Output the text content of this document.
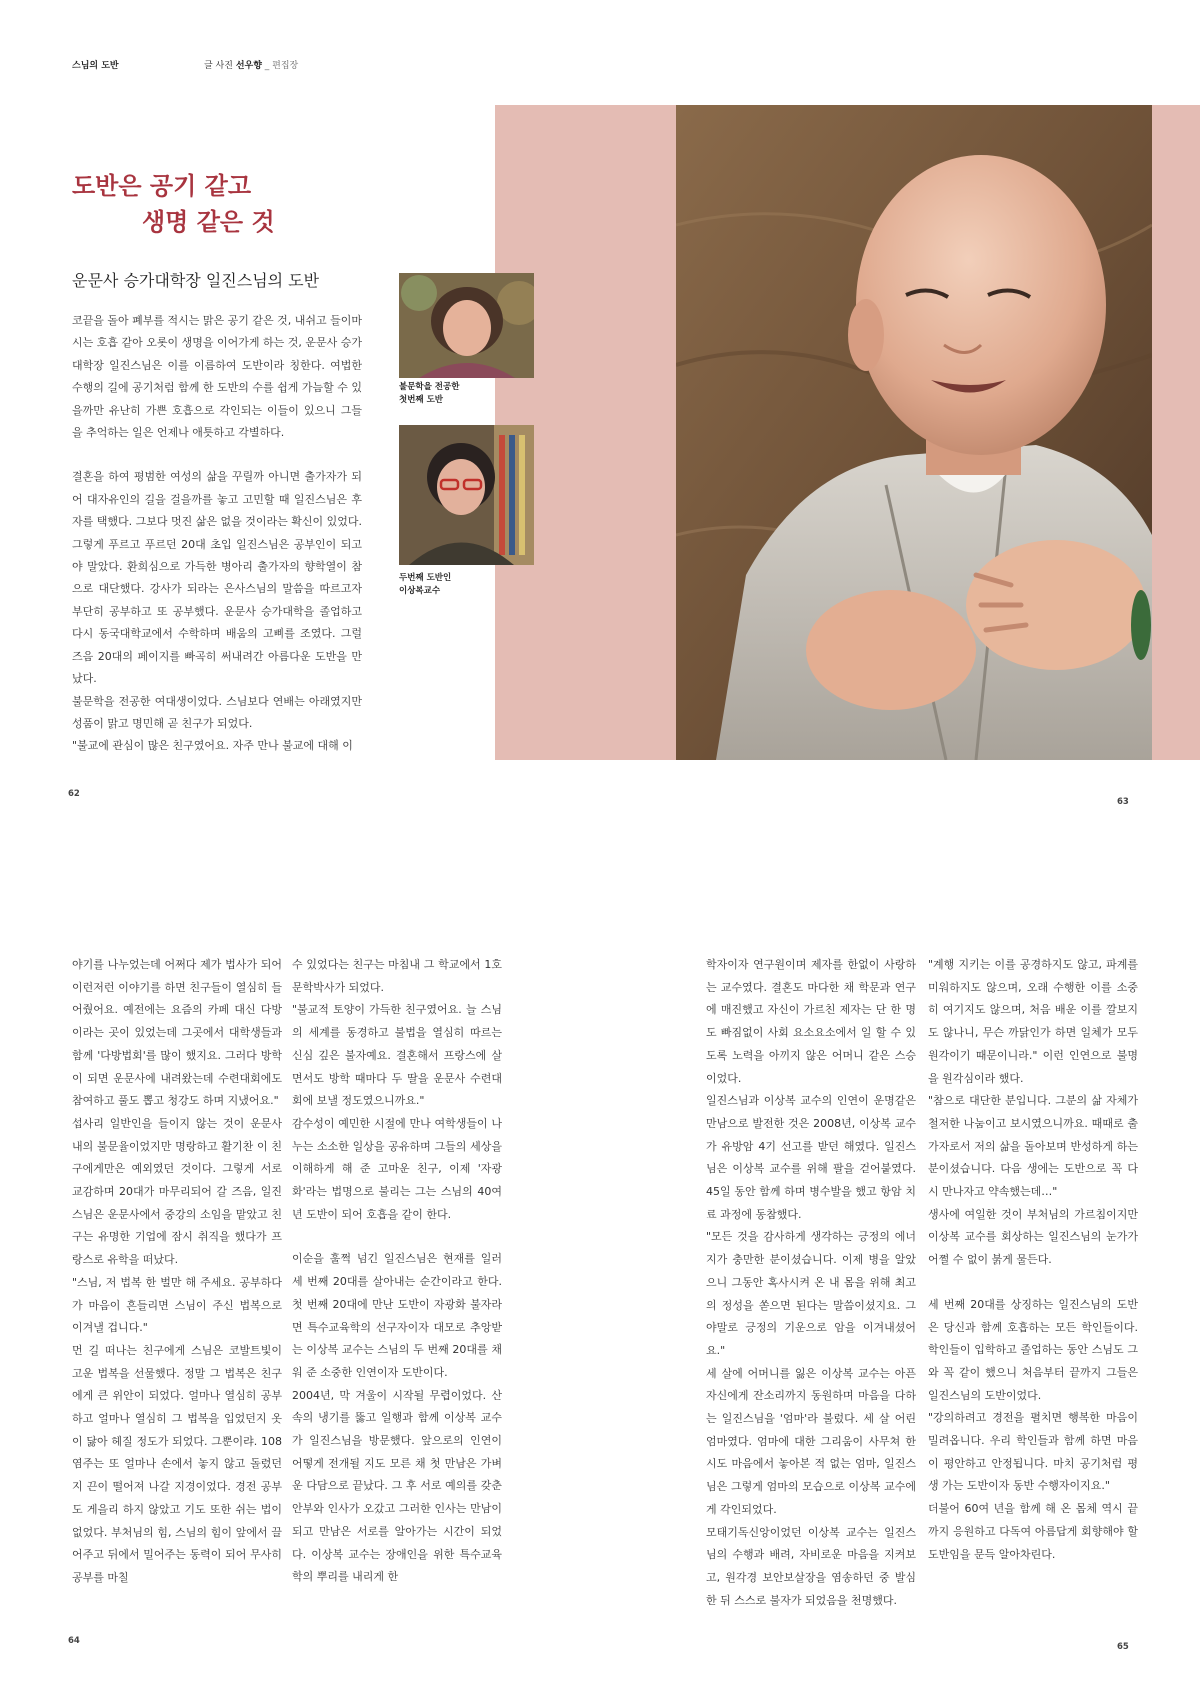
스님의 도반	글 사진 선우향 _ 편집장
도반은 공기 같고
생명 같은 것
운문사 승가대학장 일진스님의 도반

코끝을 돌아 폐부를 적시는 맑은 공기 같은 것, 내쉬고 들이마시는 호흡 같아 오롯이 생명을 이어가게 하는 것, 운문사 승가대학장 일진스님은 이를 이름하여 도반이라 칭한다. 여법한 수행의 길에 공기처럼 함께 한 도반의 수를 쉽게 가늠할 수 있을까만 유난히 가쁜 호흡으로 각인되는 이들이 있으니 그들을 추억하는 일은 언제나 애틋하고 각별하다.

결혼을 하여 평범한 여성의 삶을 꾸릴까 아니면 출가자가 되어 대자유인의 길을 걸을까를 놓고 고민할 때 일진스님은 후자를 택했다. 그보다 멋진 삶은 없을 것이라는 확신이 있었다. 그렇게 푸르고 푸르던 20대 초입 일진스님은 공부인이 되고야 말았다. 환희심으로 가득한 병아리 출가자의 향학열이 참으로 대단했다. 강사가 되라는 은사스님의 말씀을 따르고자 부단히 공부하고 또 공부했다. 운문사 승가대학을 졸업하고 다시 동국대학교에서 수학하며 배움의 고삐를 조였다. 그럴 즈음 20대의 페이지를 빠곡히 써내려간 아름다운 도반을 만났다.

불문학을 전공한 여대생이었다. 스님보다 연배는 아래였지만 성품이 맑고 명민해 곧 친구가 되었다.

"불교에 관심이 많은 친구였어요. 자주 만나 불교에 대해 이

불문학을 전공한
첫번째 도반
두번째 도반인
이상복교수
62
63

야기를 나누었는데 어쩌다 제가 법사가 되어 이런저런 이야기를 하면 친구들이 열심히 들어줬어요. 예전에는 요즘의 카페 대신 다방이라는 곳이 있었는데 그곳에서 대학생들과 함께 '다방법회'를 많이 했지요. 그러다 방학이 되면 운문사에 내려왔는데 수련대회에도 참여하고 풀도 뽑고 청강도 하며 지냈어요."

섭사리 일반인을 들이지 않는 것이 운문사 내의 불문율이었지만 명랑하고 활기찬 이 친구에게만은 예외였던 것이다. 그렇게 서로 교감하며 20대가 마무리되어 갈 즈음, 일진스님은 운문사에서 중강의 소임을 맡았고 친구는 유명한 기업에 잠시 취직을 했다가 프랑스로 유학을 떠났다.

"스님, 저 법복 한 벌만 해 주세요. 공부하다가 마음이 흔들리면 스님이 주신 법복으로 이겨낼 겁니다."

먼 길 떠나는 친구에게 스님은 코발트빛이 고운 법복을 선물했다. 정말 그 법복은 친구에게 큰 위안이 되었다. 얼마나 열심히 공부하고 얼마나 열심히 그 법복을 입었던지 옷이 닳아 헤질 정도가 되었다. 그뿐이랴. 108염주는 또 얼마나 손에서 놓지 않고 돌렸던지 끈이 떨어져 나갈 지경이었다. 경전 공부도 게을리 하지 않았고 기도 또한 쉬는 법이 없었다. 부처님의 힘, 스님의 힘이 앞에서 끌어주고 뒤에서 밀어주는 동력이 되어 무사히 공부를 마칠

수 있었다는 친구는 마침내 그 학교에서 1호 문학박사가 되었다.

"불교적 토양이 가득한 친구였어요. 늘 스님의 세계를 동경하고 불법을 열심히 따르는 신심 깊은 불자예요. 결혼해서 프랑스에 살면서도 방학 때마다 두 딸을 운문사 수련대회에 보낼 정도였으니까요."

감수성이 예민한 시절에 만나 여학생들이 나누는 소소한 일상을 공유하며 그들의 세상을 이해하게 해 준 고마운 친구, 이제 '자광화'라는 법명으로 불리는 그는 스님의 40여 년 도반이 되어 호흡을 같이 한다.

이순을 훌쩍 넘긴 일진스님은 현재를 일러 세 번째 20대를 살아내는 순간이라고 한다. 첫 번째 20대에 만난 도반이 자광화 불자라면 특수교육학의 선구자이자 대모로 추앙받는 이상복 교수는 스님의 두 번째 20대를 채워 준 소중한 인연이자 도반이다.

2004년, 막 겨울이 시작될 무렵이었다. 산속의 냉기를 뚫고 일행과 함께 이상복 교수가 일진스님을 방문했다. 앞으로의 인연이 어떻게 전개될 지도 모른 채 첫 만남은 가벼운 다담으로 끝났다. 그 후 서로 예의를 갖춘 안부와 인사가 오갔고 그러한 인사는 만남이 되고 만남은 서로를 알아가는 시간이 되었다. 이상복 교수는 장애인을 위한 특수교육학의 뿌리를 내리게 한

학자이자 연구원이며 제자를 한없이 사랑하는 교수였다. 결혼도 마다한 채 학문과 연구에 매진했고 자신이 가르친 제자는 단 한 명도 빠짐없이 사회 요소요소에서 일 할 수 있도록 노력을 아끼지 않은 어머니 같은 스승이었다.

일진스님과 이상복 교수의 인연이 운명같은 만남으로 발전한 것은 2008년, 이상복 교수가 유방암 4기 선고를 받던 해였다. 일진스님은 이상복 교수를 위해 팔을 걷어붙였다. 45일 동안 함께 하며 병수발을 했고 항암 치료 과정에 동참했다.

"모든 것을 감사하게 생각하는 긍정의 에너지가 충만한 분이셨습니다. 이제 병을 알았으니 그동안 혹사시켜 온 내 몸을 위해 최고의 정성을 쏟으면 된다는 말씀이셨지요. 그야말로 긍정의 기운으로 암을 이겨내셨어요."

세 살에 어머니를 잃은 이상복 교수는 아픈 자신에게 잔소리까지 동원하며 마음을 다하는 일진스님을 '엄마'라 불렀다. 세 살 어린 엄마였다. 엄마에 대한 그리움이 사무쳐 한시도 마음에서 놓아본 적 없는 엄마, 일진스님은 그렇게 엄마의 모습으로 이상복 교수에게 각인되었다.

모태기독신앙이었던 이상복 교수는 일진스님의 수행과 배려, 자비로운 마음을 지켜보고, 원각경 보안보살장을 염송하던 중 발심한 뒤 스스로 불자가 되었음을 천명했다.

"계행 지키는 이를 공경하지도 않고, 파계를 미워하지도 않으며, 오래 수행한 이를 소중히 여기지도 않으며, 처음 배운 이를 깔보지도 않나니, 무슨 까닭인가 하면 일체가 모두 원각이기 때문이니라." 이런 인연으로 불명을 원각심이라 했다.

"참으로 대단한 분입니다. 그분의 삶 자체가 철저한 나눔이고 보시였으니까요. 때때로 출가자로서 저의 삶을 돌아보며 반성하게 하는 분이셨습니다. 다음 생에는 도반으로 꼭 다시 만나자고 약속했는데…"

생사에 여일한 것이 부처님의 가르침이지만 이상복 교수를 회상하는 일진스님의 눈가가 어쩔 수 없이 붉게 물든다.

세 번째 20대를 상징하는 일진스님의 도반은 당신과 함께 호흡하는 모든 학인들이다. 학인들이 입학하고 졸업하는 동안 스님도 그와 꼭 같이 했으니 처음부터 끝까지 그들은 일진스님의 도반이었다.

"강의하려고 경전을 펼치면 행복한 마음이 밀려옵니다. 우리 학인들과 함께 하면 마음이 평안하고 안정됩니다. 마치 공기처럼 평생 가는 도반이자 동반 수행자이지요."

더불어 60여 년을 함께 해 온 몸체 역시 끝까지 응원하고 다독여 아름답게 회향해야 할 도반임을 문득 알아차린다.

64
65
